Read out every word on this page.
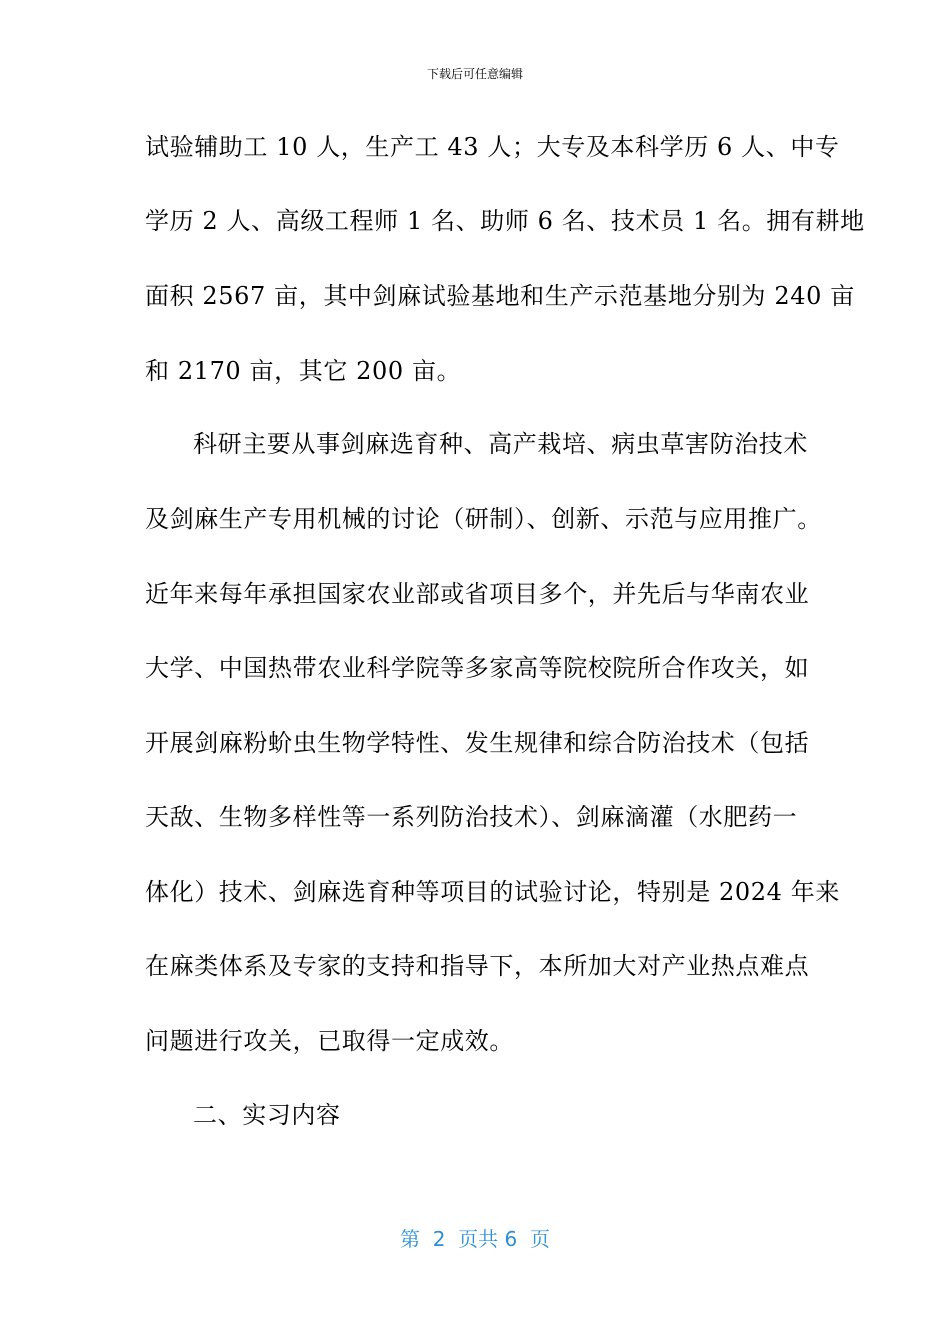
下载后可任意编辑
试验辅助工 10 人，生产工 43 人；大专及本科学历 6 人、中专
学历 2 人、高级工程师 1 名、助师 6 名、技术员 1 名。拥有耕地
面积 2567 亩，其中剑麻试验基地和生产示范基地分别为 240 亩
和 2170 亩，其它 200 亩。
科研主要从事剑麻选育种、高产栽培、病虫草害防治技术
及剑麻生产专用机械的讨论（研制）、创新、示范与应用推广。
近年来每年承担国家农业部或省项目多个，并先后与华南农业
大学、中国热带农业科学院等多家高等院校院所合作攻关，如
开展剑麻粉蚧虫生物学特性、发生规律和综合防治技术（包括
天敌、生物多样性等一系列防治技术）、剑麻滴灌（水肥药一
体化）技术、剑麻选育种等项目的试验讨论，特别是 2024 年来
在麻类体系及专家的支持和指导下，本所加大对产业热点难点
问题进行攻关，已取得一定成效。
二、实习内容
第  2  页共 6  页
